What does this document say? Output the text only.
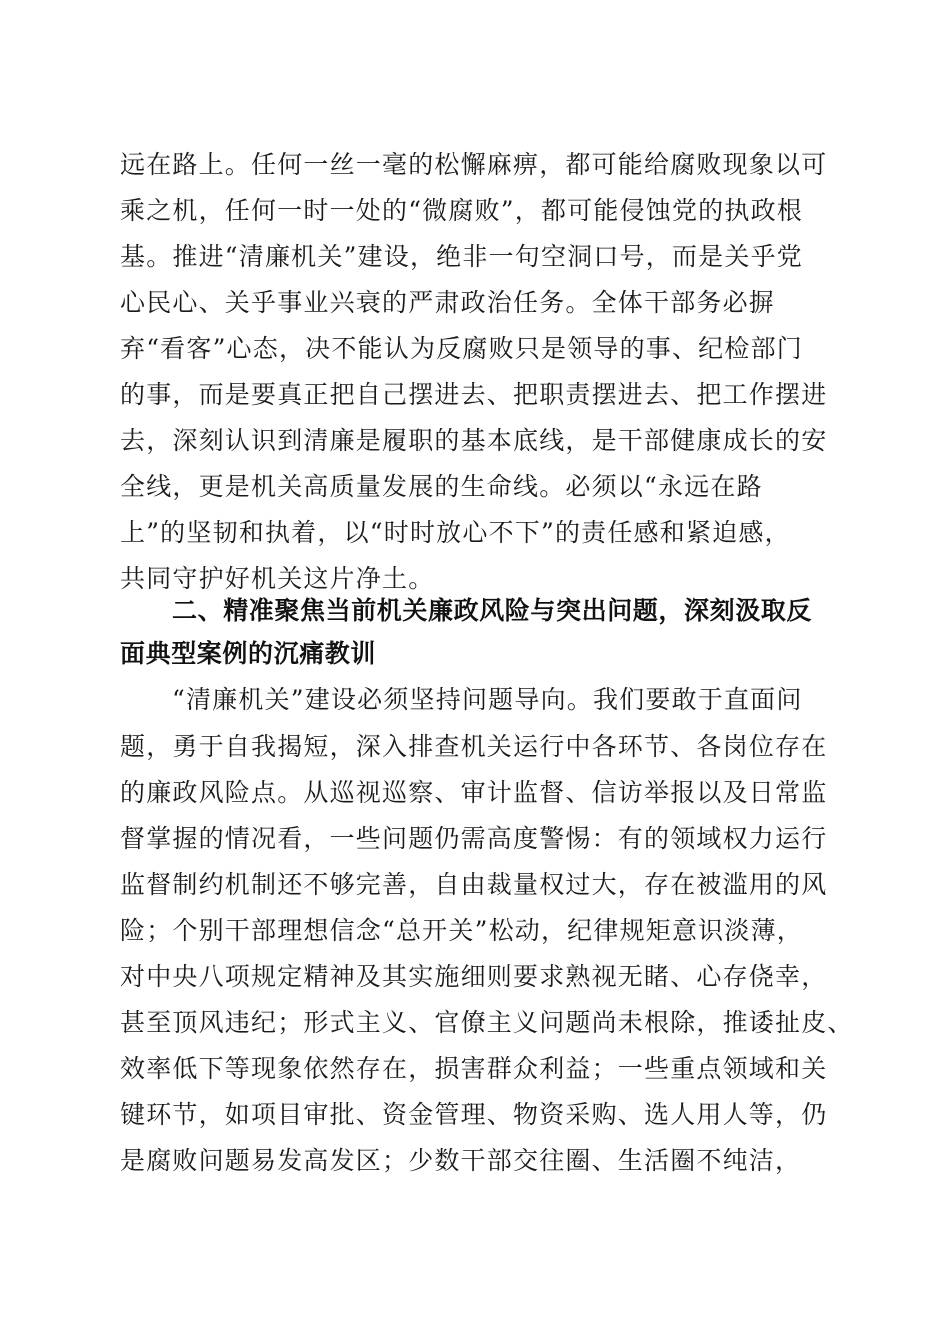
远在路上。任何一丝一毫的松懈麻痹，都可能给腐败现象以可
乘之机，任何一时一处的“微腐败”，都可能侵蚀党的执政根
基。推进“清廉机关”建设，绝非一句空洞口号，而是关乎党
心民心、关乎事业兴衰的严肃政治任务。全体干部务必摒
弃“看客”心态，决不能认为反腐败只是领导的事、纪检部门
的事，而是要真正把自己摆进去、把职责摆进去、把工作摆进
去，深刻认识到清廉是履职的基本底线，是干部健康成长的安
全线，更是机关高质量发展的生命线。必须以“永远在路
上”的坚韧和执着，以“时时放心不下”的责任感和紧迫感，
共同守护好机关这片净土。
二、精准聚焦当前机关廉政风险与突出问题，深刻汲取反
面典型案例的沉痛教训
“清廉机关”建设必须坚持问题导向。我们要敢于直面问
题，勇于自我揭短，深入排查机关运行中各环节、各岗位存在
的廉政风险点。从巡视巡察、审计监督、信访举报以及日常监
督掌握的情况看，一些问题仍需高度警惕：有的领域权力运行
监督制约机制还不够完善，自由裁量权过大，存在被滥用的风
险；个别干部理想信念“总开关”松动，纪律规矩意识淡薄，
对中央八项规定精神及其实施细则要求熟视无睹、心存侥幸，
甚至顶风违纪；形式主义、官僚主义问题尚未根除，推诿扯皮、
效率低下等现象依然存在，损害群众利益；一些重点领域和关
键环节，如项目审批、资金管理、物资采购、选人用人等，仍
是腐败问题易发高发区；少数干部交往圈、生活圈不纯洁，
